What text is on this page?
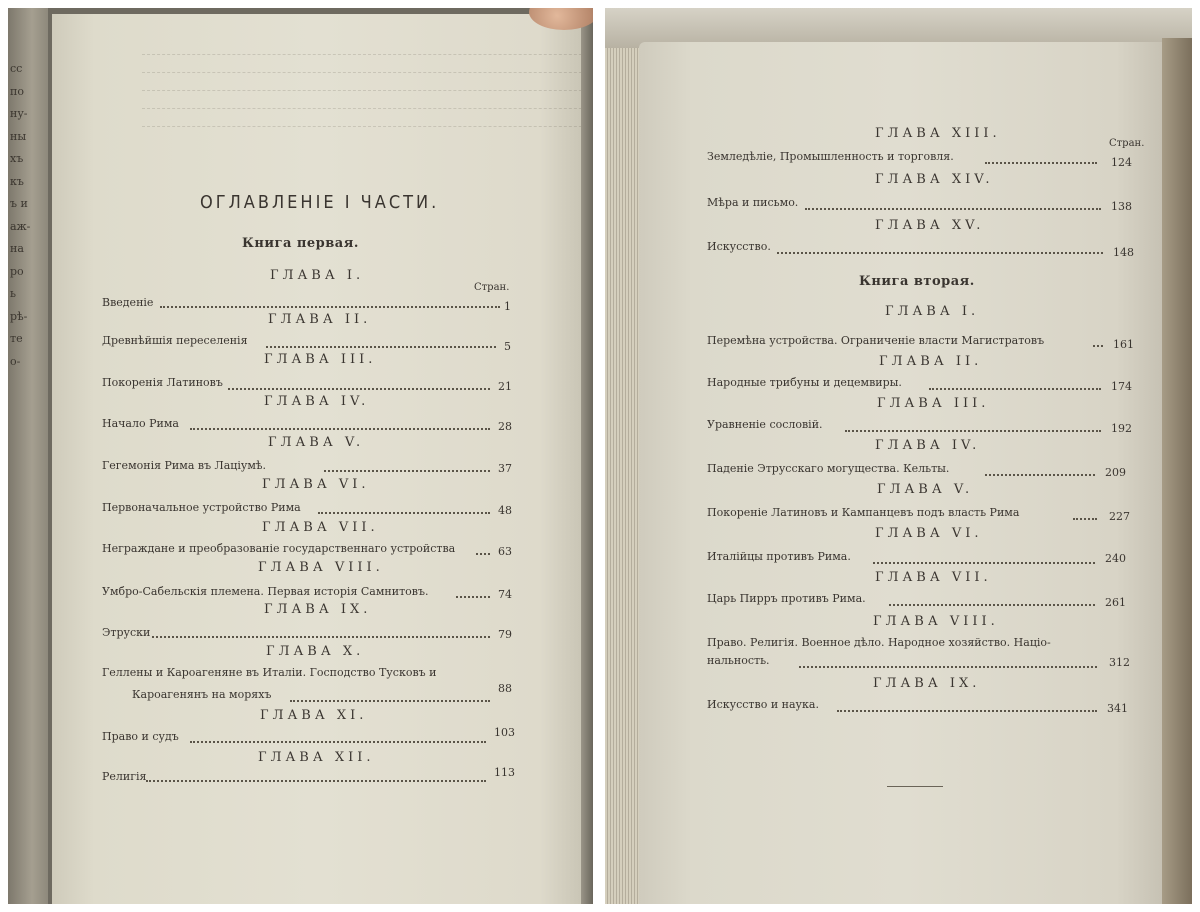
сс
по
ну-
ны
хъ
къ
ъ и
аж-
на
ро
ь
рѣ-
те
о-
ОГЛАВЛЕНІЕ I ЧАСТИ.
Книга первая.
Стран.
ГЛАВА I.
Введеніе	1
ГЛАВА II.
Древнѣйшія переселенія	5
ГЛАВА III.
Покоренія Латиновъ	21
ГЛАВА IV.
Начало Рима	28
ГЛАВА V.
Гегемонія Рима въ Лаціумѣ.	37
ГЛАВА VI.
Первоначальное устройство Рима	48
ГЛАВА VII.
Неграждане и преобразованіе государственнаго устройства	63
ГЛАВА VIII.
Умбро-Сабельскія племена. Первая исторія Самнитовъ.	74
ГЛАВА IX.
Этруски	79
ГЛАВА X.
Геллены и Кароагеняне въ Италіи. Господство Тусковъ и
Кароагенянъ на моряхъ	88
ГЛАВА XI.
Право и судъ	103
ГЛАВА XII.
Религія	113
Стран.
ГЛАВА XIII.
Земледѣліе, Промышленность и торговля.	124
ГЛАВА XIV.
Мѣра и письмо.	138
ГЛАВА XV.
Искусство.	148
Книга вторая.
ГЛАВА I.
Перемѣна устройства. Ограниченіе власти Магистратовъ	161
ГЛАВА II.
Народные трибуны и децемвиры.	174
ГЛАВА III.
Уравненіе сословій.	192
ГЛАВА IV.
Паденіе Этрусскаго могущества. Кельты.	209
ГЛАВА V.
Покореніе Латиновъ и Кампанцевъ подъ власть Рима	227
ГЛАВА VI.
Италійцы противъ Рима.	240
ГЛАВА VII.
Царь Пирръ противъ Рима.	261
ГЛАВА VIII.
Право. Религія. Военное дѣло. Народное хозяйство. Націо-
нальность.	312
ГЛАВА IX.
Искусство и наука.	341
